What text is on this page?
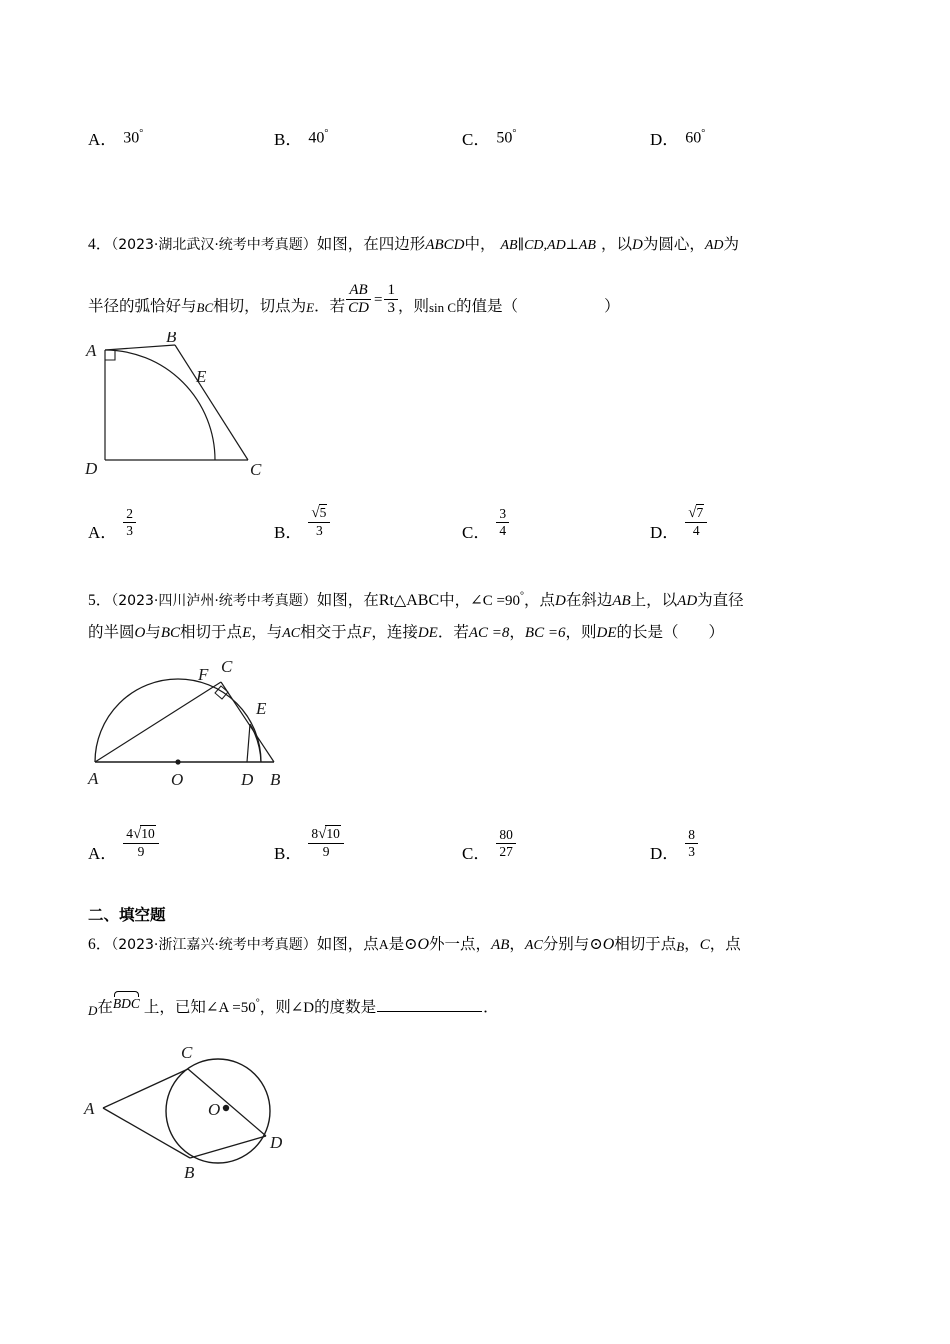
A． 30°	B． 40°	C． 50°	D． 60°
4．（2023·湖北武汉·统考中考真题）如图，在四边形ABCD中， AB∥CD,AD⊥AB ，以D为圆心，AD为
半径的弧恰好与 BC 相切，切点为 E ．若 $\frac{AB}{CD} = \frac{1}{3}$ ，则 sin C 的值是（	）
A
B
E
D	C
A． $\frac{2}{3}$	B． $\frac{√5}{3}$	C． $\frac{3}{4}$	D． $\frac{√7}{4}$
5．（2023·四川泸州·统考中考真题）如图，在Rt△ABC中，∠C =90°，点D在斜边AB上，以AD为直径
的半圆O与BC相切于点E，与AC相交于点F，连接DE．若AC =8，BC =6，则DE的长是（ ）
C
F
E
A	O	D B
A． $\frac{4√10}{9}$	B． $\frac{8√10}{9}$	C． $\frac{80}{27}$	D． $\frac{8}{3}$
二、填空题
6．（2023·浙江嘉兴·统考中考真题）如图，点A是⊙O外一点，AB，AC分别与⊙O相切于点B，C，点
D在BDC 上，已知∠A =50°，则∠D的度数是	．
C
A	O
D
B
